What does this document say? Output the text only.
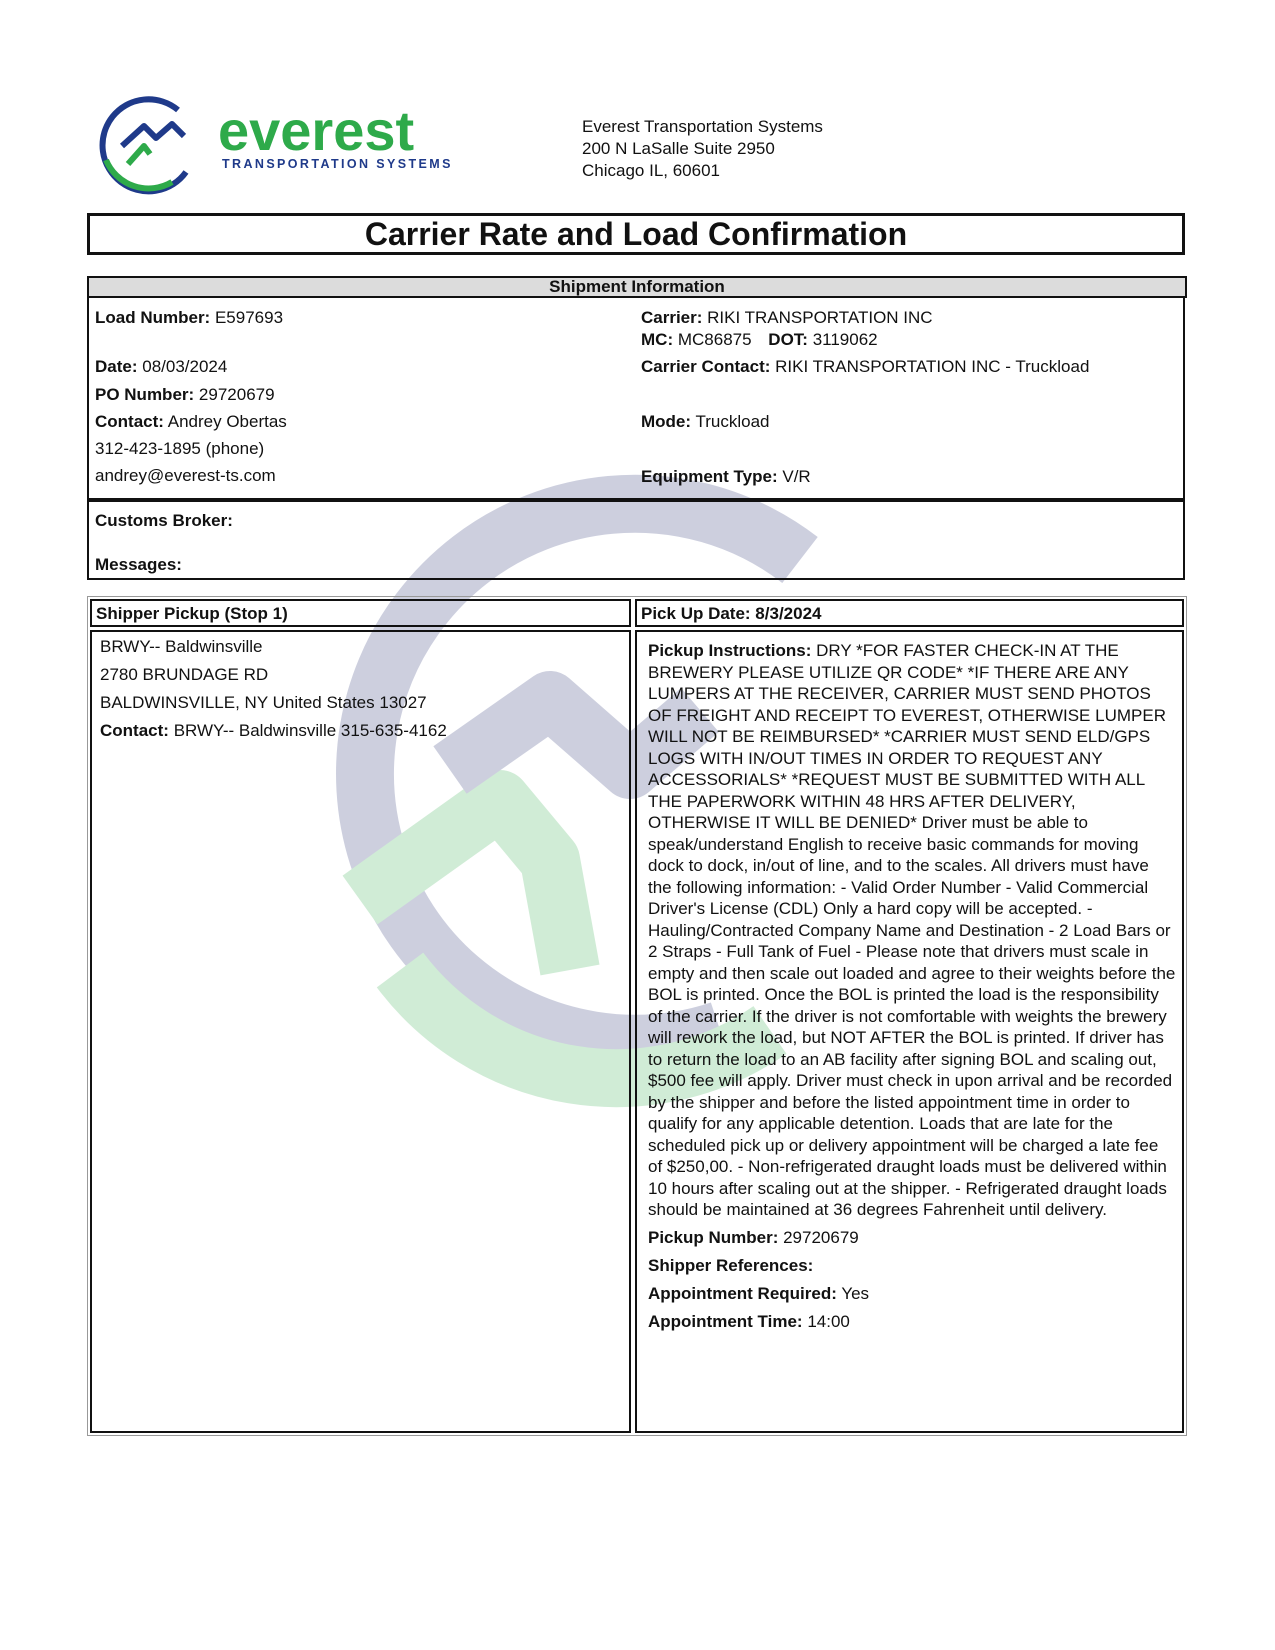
everest
TRANSPORTATION SYSTEMS
Everest Transportation Systems
200 N LaSalle Suite 2950
Chicago IL, 60601
Carrier Rate and Load Confirmation
Shipment Information
Load Number: E597693
Date: 08/03/2024
PO Number: 29720679
Contact: Andrey Obertas
312-423-1895 (phone)
andrey@everest-ts.com
Carrier: RIKI TRANSPORTATION INC
MC: MC86875 DOT: 3119062
Carrier Contact: RIKI TRANSPORTATION INC - Truckload
Mode: Truckload
Equipment Type: V/R
Customs Broker:
Messages:
Shipper Pickup (Stop 1)	Pick Up Date: 8/3/2024
BRWY-- Baldwinsville
2780 BRUNDAGE RD
BALDWINSVILLE, NY United States 13027
Contact: BRWY-- Baldwinsville 315-635-4162

Pickup Instructions: DRY *FOR FASTER CHECK-IN AT THE BREWERY PLEASE UTILIZE QR CODE* *IF THERE ARE ANY LUMPERS AT THE RECEIVER, CARRIER MUST SEND PHOTOS OF FREIGHT AND RECEIPT TO EVEREST, OTHERWISE LUMPER WILL NOT BE REIMBURSED* *CARRIER MUST SEND ELD/GPS LOGS WITH IN/OUT TIMES IN ORDER TO REQUEST ANY ACCESSORIALS* *REQUEST MUST BE SUBMITTED WITH ALL THE PAPERWORK WITHIN 48 HRS AFTER DELIVERY, OTHERWISE IT WILL BE DENIED* Driver must be able to speak/understand English to receive basic commands for moving dock to dock, in/out of line, and to the scales. All drivers must have the following information: - Valid Order Number - Valid Commercial Driver's License (CDL) Only a hard copy will be accepted. - Hauling/Contracted Company Name and Destination - 2 Load Bars or 2 Straps - Full Tank of Fuel - Please note that drivers must scale in empty and then scale out loaded and agree to their weights before the BOL is printed. Once the BOL is printed the load is the responsibility of the carrier. If the driver is not comfortable with weights the brewery will rework the load, but NOT AFTER the BOL is printed. If driver has to return the load to an AB facility after signing BOL and scaling out, $500 fee will apply. Driver must check in upon arrival and be recorded by the shipper and before the listed appointment time in order to qualify for any applicable detention. Loads that are late for the scheduled pick up or delivery appointment will be charged a late fee of $250,00. - Non-refrigerated draught loads must be delivered within 10 hours after scaling out at the shipper. - Refrigerated draught loads should be maintained at 36 degrees Fahrenheit until delivery.

Pickup Number: 29720679
Shipper References:
Appointment Required: Yes
Appointment Time: 14:00
